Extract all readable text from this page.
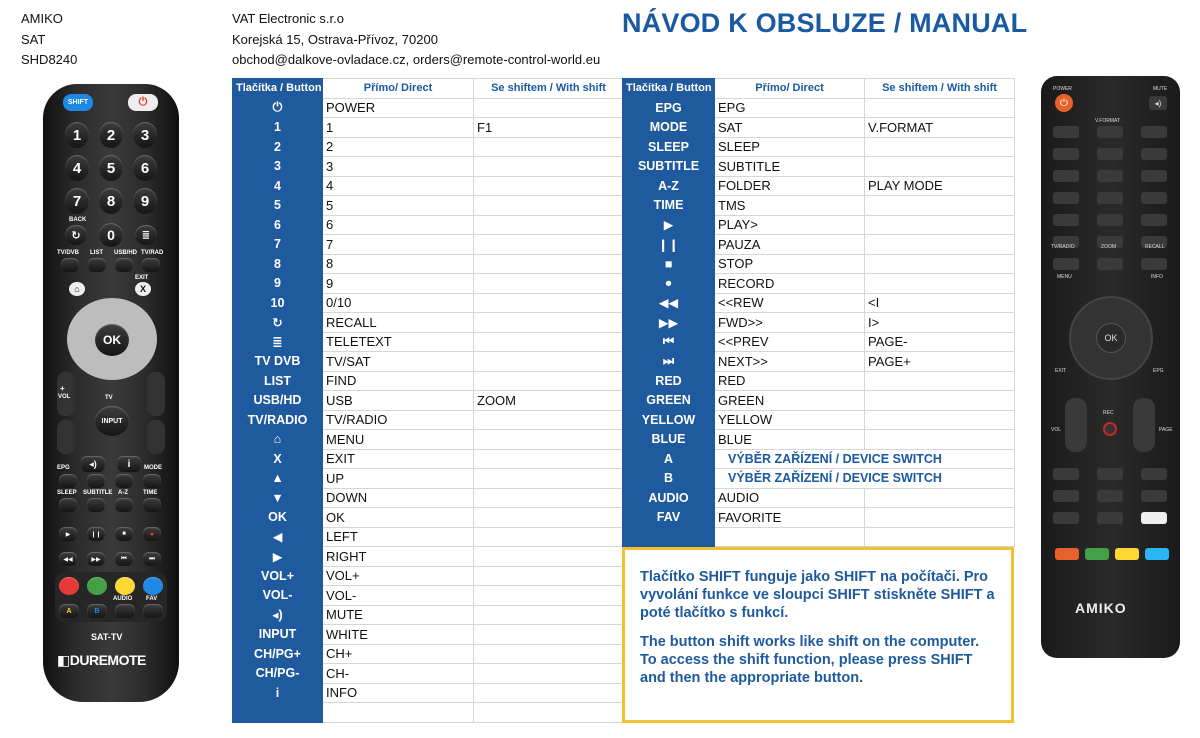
AMIKO
SAT
SHD8240
VAT Electronic s.r.o
Korejská 15, Ostrava-Přívoz, 70200
obchod@dalkove-ovladace.cz, orders@remote-control-world.eu
NÁVOD K OBSLUZE / MANUAL
Tlačítka / Button	Přímo/ Direct	Se shiftem / With shift
⏻	POWER	
1	1	F1
2	2	
3	3	
4	4	
5	5	
6	6	
7	7	
8	8	
9	9	
10	0/10	
↻	RECALL	
≣	TELETEXT	
TV DVB	TV/SAT	
LIST	FIND	
USB/HD	USB	ZOOM
TV/RADIO	TV/RADIO	
⌂	MENU	
X	EXIT	
▲	UP	
▼	DOWN	
OK	OK	
◀	LEFT	
▶	RIGHT	
VOL+	VOL+	
VOL-	VOL-	
◂)	MUTE	
INPUT	WHITE	
CH/PG+	CH+	
CH/PG-	CH-	
i	INFO	

Tlačítka / Button	Přímo/ Direct	Se shiftem / With shift
EPG	EPG	
MODE	SAT	V.FORMAT
SLEEP	SLEEP	
SUBTITLE	SUBTITLE	
A-Z	FOLDER	PLAY MODE
TIME	TMS	
▶	PLAY>	
❙❙	PAUZA	
■	STOP	
●	RECORD	
◀◀	<<REW	<I
▶▶	FWD>>	I>
⏮	<<PREV	PAGE-
⏭	NEXT>>	PAGE+
RED	RED	
GREEN	GREEN	
YELLOW	YELLOW	
BLUE	BLUE	
A	VÝBĚR ZAŘÍZENÍ / DEVICE SWITCH	
B	VÝBĚR ZAŘÍZENÍ / DEVICE SWITCH	
AUDIO	AUDIO	
FAV	FAVORITE	

Tlačítko SHIFT funguje jako SHIFT na počítači. Pro vyvolání funkce ve sloupci SHIFT stiskněte SHIFT a poté tlačítko s funkcí.

The button shift works like shift on the computer. To access the shift function, please press SHIFT and then the appropriate button.

SHIFT	⏻
1	2	3
4	5	6
7	8	9
BACK
↻	0	≣
TV/DVB LIST USB/HD TV/RAD
EXIT
⌂	X
OK
+
VOL	TV
INPUT
◂)	i
EPG	MODE
SLEEP SUBTITLE A-Z	TIME
▶	❙❙	■	●
◀◀	▶▶	⏮	⏭
AUDIO FAV
A	B
SAT-TV
◧DUREMOTE
POWER	MUTE
⏻	◂)
V.FORMAT
TV/RADIO	ZOOM	RECALL
MENU	INFO
OK
EXIT	EPG
VOL
REC
PAGE
AMIKO
